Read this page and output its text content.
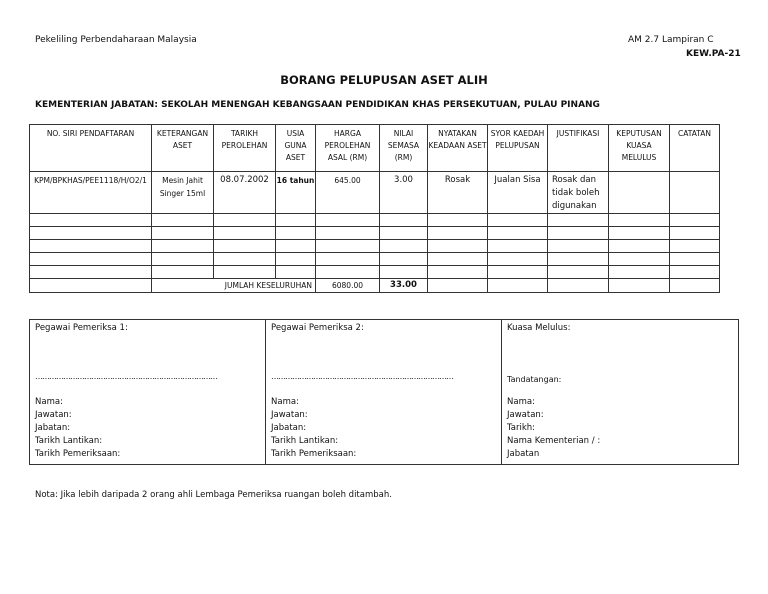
Pekeliling Perbendaharaan Malaysia	AM 2.7 Lampiran C
KEW.PA-21
BORANG PELUPUSAN ASET ALIH
KEMENTERIAN JABATAN: SEKOLAH MENENGAH KEBANGSAAN PENDIDIKAN KHAS PERSEKUTUAN, PULAU PINANG
NO. SIRI PENDAFTARAN	KETERANGAN ASET	TARIKH PEROLEHAN	USIA GUNA ASET	HARGA PEROLEHAN ASAL (RM)	NILAI SEMASA (RM)	NYATAKAN KEADAAN ASET	SYOR KAEDAH PELUPUSAN	JUSTIFIKASI	KEPUTUSAN KUASA MELULUS	CATATAN
KPM/BPKHAS/PEE1118/H/O2/1	Mesin Jahit Singer 15ml	08.07.2002	16 tahun	645.00	3.00	Rosak	Jualan Sisa	Rosak dan tidak boleh digunakan		

	JUMLAH KESELURUHAN			6080.00	33.00					
Pegawai Pemeriksa 1:
……………………………………………………………………
Nama:
Jawatan:
Jabatan:
Tarikh Lantikan:
Tarikh Pemeriksaan:

Pegawai Pemeriksa 2:
……………………………………………………………………
Nama:
Jawatan:
Jabatan:
Tarikh Lantikan:
Tarikh Pemeriksaan:

Kuasa Melulus:
Tandatangan:
Nama:
Jawatan:
Tarikh:
Nama Kementerian / :
Jabatan
Nota: Jika lebih daripada 2 orang ahli Lembaga Pemeriksa ruangan boleh ditambah.
